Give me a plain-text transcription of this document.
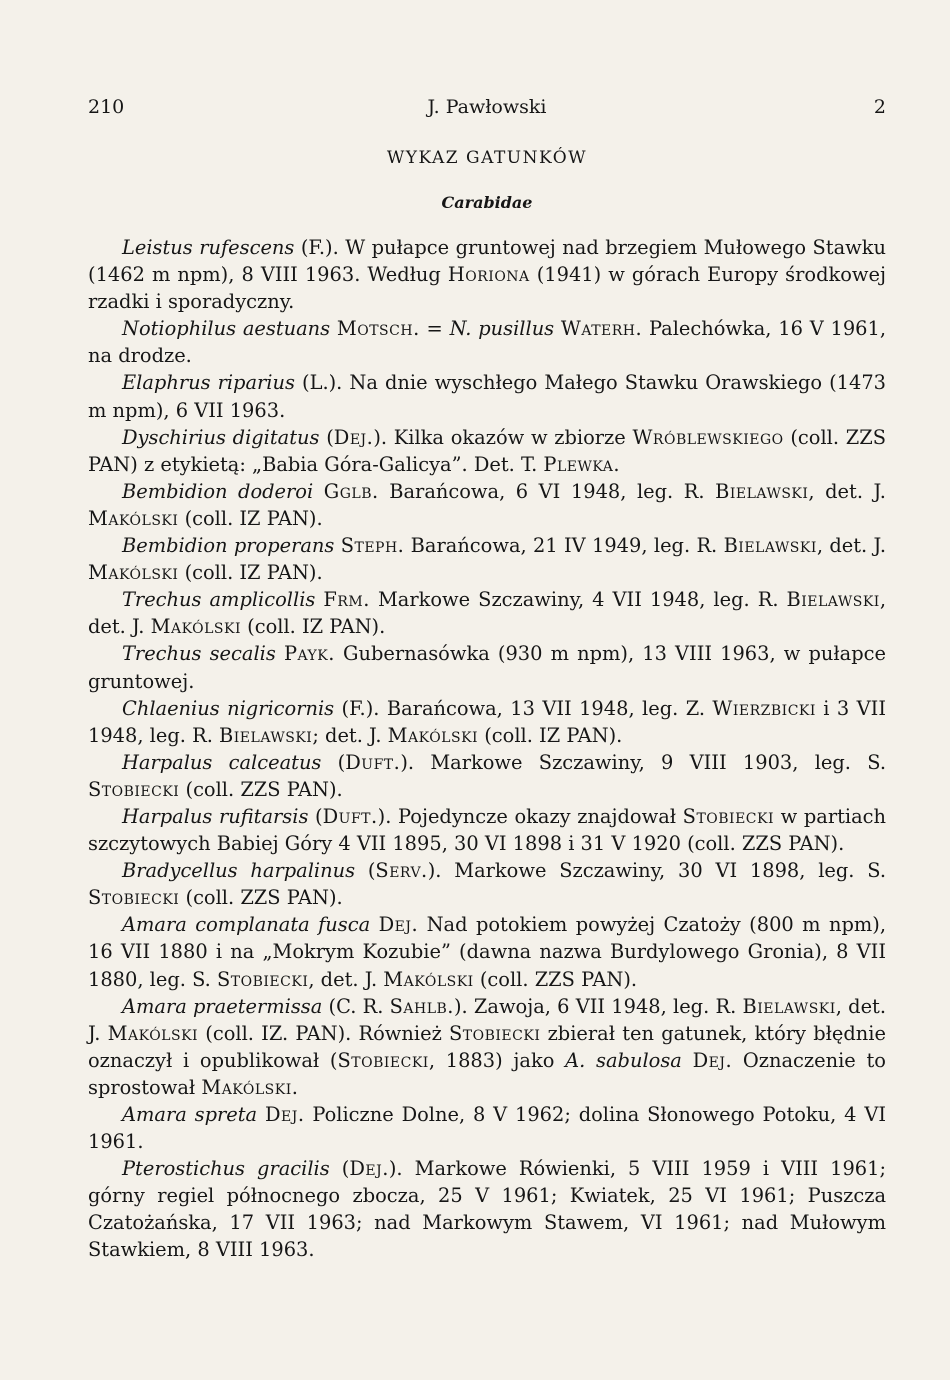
210	J. Pawłowski	2
WYKAZ GATUNKÓW
Carabidae

Leistus rufescens (F.). W pułapce gruntowej nad brzegiem Mułowego Stawku (1462 m npm), 8 VIII 1963. Według Horiona (1941) w górach Europy środkowej rzadki i sporadyczny.

Notiophilus aestuans Motsch. = N. pusillus Waterh. Palechówka, 16 V 1961, na drodze.

Elaphrus riparius (L.). Na dnie wyschłego Małego Stawku Orawskiego (1473 m npm), 6 VII 1963.

Dyschirius digitatus (Dej.). Kilka okazów w zbiorze Wróblewskiego (coll. ZZS PAN) z etykietą: „Babia Góra-Galicya”. Det. T. Plewka.

Bembidion doderoi Gglb. Barańcowa, 6 VI 1948, leg. R. Bielawski, det. J. Makólski (coll. IZ PAN).

Bembidion properans Steph. Barańcowa, 21 IV 1949, leg. R. Bielawski, det. J. Makólski (coll. IZ PAN).

Trechus amplicollis Frm. Markowe Szczawiny, 4 VII 1948, leg. R. Bielawski, det. J. Makólski (coll. IZ PAN).

Trechus secalis Payk. Gubernasówka (930 m npm), 13 VIII 1963, w pułapce gruntowej.

Chlaenius nigricornis (F.). Barańcowa, 13 VII 1948, leg. Z. Wierzbicki i 3 VII 1948, leg. R. Bielawski; det. J. Makólski (coll. IZ PAN).

Harpalus calceatus (Duft.). Markowe Szczawiny, 9 VIII 1903, leg. S. Stobiecki (coll. ZZS PAN).

Harpalus rufitarsis (Duft.). Pojedyncze okazy znajdował Stobiecki w partiach szczytowych Babiej Góry 4 VII 1895, 30 VI 1898 i 31 V 1920 (coll. ZZS PAN).

Bradycellus harpalinus (Serv.). Markowe Szczawiny, 30 VI 1898, leg. S. Stobiecki (coll. ZZS PAN).

Amara complanata fusca Dej. Nad potokiem powyżej Czatoży (800 m npm), 16 VII 1880 i na „Mokrym Kozubie” (dawna nazwa Burdylowego Gronia), 8 VII 1880, leg. S. Stobiecki, det. J. Makólski (coll. ZZS PAN).

Amara praetermissa (C. R. Sahlb.). Zawoja, 6 VII 1948, leg. R. Bielawski, det. J. Makólski (coll. IZ. PAN). Również Stobiecki zbierał ten gatunek, który błędnie oznaczył i opublikował (Stobiecki, 1883) jako A. sabulosa Dej. Oznaczenie to sprostował Makólski.

Amara spreta Dej. Policzne Dolne, 8 V 1962; dolina Słonowego Potoku, 4 VI 1961.

Pterostichus gracilis (Dej.). Markowe Rówienki, 5 VIII 1959 i VIII 1961; górny regiel północnego zbocza, 25 V 1961; Kwiatek, 25 VI 1961; Puszcza Czatożańska, 17 VII 1963; nad Markowym Stawem, VI 1961; nad Mułowym Stawkiem, 8 VIII 1963.
